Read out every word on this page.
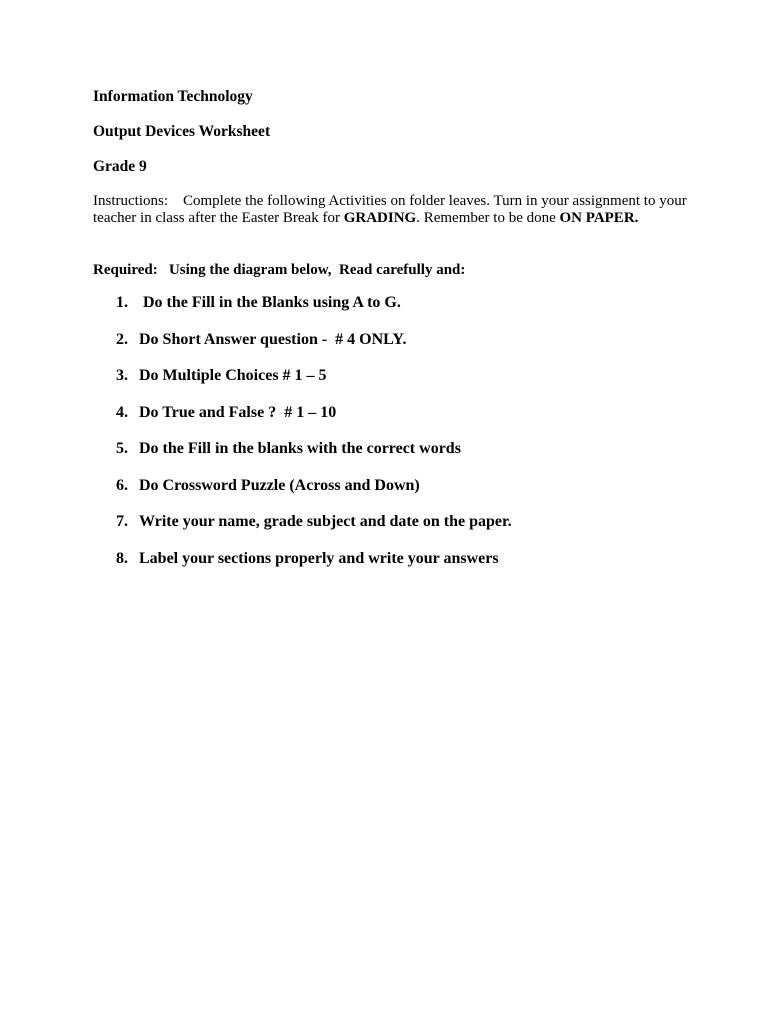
Information Technology

Output Devices Worksheet

Grade 9

Instructions: Complete the following Activities on folder leaves. Turn in your assignment to your teacher in class after the Easter Break for GRADING. Remember to be done ON PAPER.

Required:   Using the diagram below,  Read carefully and:

1. Do the Fill in the Blanks using A to G.
2. Do Short Answer question -  # 4 ONLY.
3. Do Multiple Choices # 1 – 5
4. Do True and False ?  # 1 – 10
5. Do the Fill in the blanks with the correct words
6. Do Crossword Puzzle (Across and Down)
7. Write your name, grade subject and date on the paper.
8. Label your sections properly and write your answers
